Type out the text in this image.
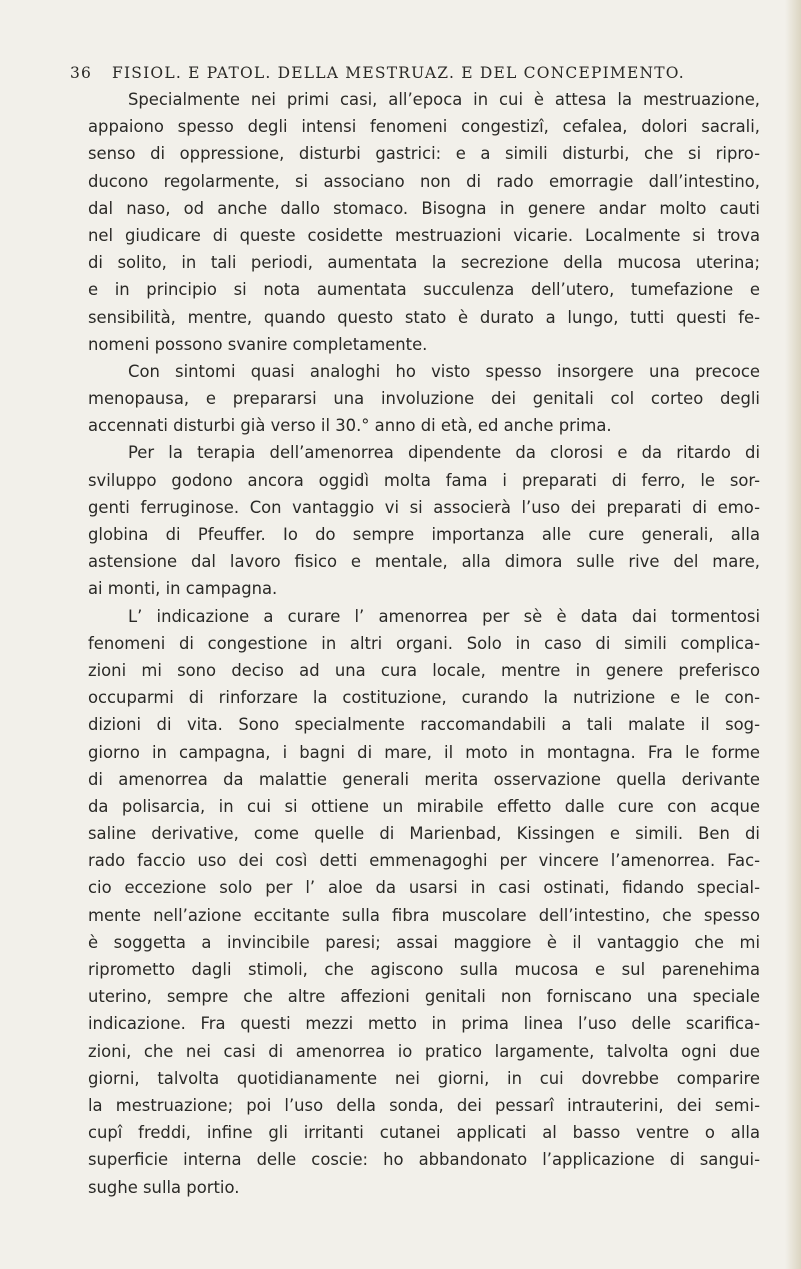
36 FISIOL. E PATOL. DELLA MESTRUAZ. E DEL CONCEPIMENTO.
Specialmente nei primi casi, all’epoca in cui è attesa la mestruazione,
appaiono spesso degli intensi fenomeni congestizî, cefalea, dolori sacrali,
senso di oppressione, disturbi gastrici: e a simili disturbi, che si ripro-
ducono regolarmente, si associano non di rado emorragie dall’intestino,
dal naso, od anche dallo stomaco. Bisogna in genere andar molto cauti
nel giudicare di queste cosidette mestruazioni vicarie. Localmente si trova
di solito, in tali periodi, aumentata la secrezione della mucosa uterina;
e in principio si nota aumentata succulenza dell’utero, tumefazione e
sensibilità, mentre, quando questo stato è durato a lungo, tutti questi fe-
nomeni possono svanire completamente.
Con sintomi quasi analoghi ho visto spesso insorgere una precoce
menopausa, e prepararsi una involuzione dei genitali col corteo degli
accennati disturbi già verso il 30.° anno di età, ed anche prima.
Per la terapia dell’amenorrea dipendente da clorosi e da ritardo di
sviluppo godono ancora oggidì molta fama i preparati di ferro, le sor-
genti ferruginose. Con vantaggio vi si associerà l’uso dei preparati di emo-
globina di Pfeuffer. Io do sempre importanza alle cure generali, alla
astensione dal lavoro fisico e mentale, alla dimora sulle rive del mare,
ai monti, in campagna.
L’ indicazione a curare l’ amenorrea per sè è data dai tormentosi
fenomeni di congestione in altri organi. Solo in caso di simili complica-
zioni mi sono deciso ad una cura locale, mentre in genere preferisco
occuparmi di rinforzare la costituzione, curando la nutrizione e le con-
dizioni di vita. Sono specialmente raccomandabili a tali malate il sog-
giorno in campagna, i bagni di mare, il moto in montagna. Fra le forme
di amenorrea da malattie generali merita osservazione quella derivante
da polisarcia, in cui si ottiene un mirabile effetto dalle cure con acque
saline derivative, come quelle di Marienbad, Kissingen e simili. Ben di
rado faccio uso dei così detti emmenagoghi per vincere l’amenorrea. Fac-
cio eccezione solo per l’ aloe da usarsi in casi ostinati, fidando special-
mente nell’azione eccitante sulla fibra muscolare dell’intestino, che spesso
è soggetta a invincibile paresi; assai maggiore è il vantaggio che mi
riprometto dagli stimoli, che agiscono sulla mucosa e sul parenehima
uterino, sempre che altre affezioni genitali non forniscano una speciale
indicazione. Fra questi mezzi metto in prima linea l’uso delle scarifica-
zioni, che nei casi di amenorrea io pratico largamente, talvolta ogni due
giorni, talvolta quotidianamente nei giorni, in cui dovrebbe comparire
la mestruazione; poi l’uso della sonda, dei pessarî intrauterini, dei semi-
cupî freddi, infine gli irritanti cutanei applicati al basso ventre o alla
superficie interna delle coscie: ho abbandonato l’applicazione di sangui-
sughe sulla portio.
